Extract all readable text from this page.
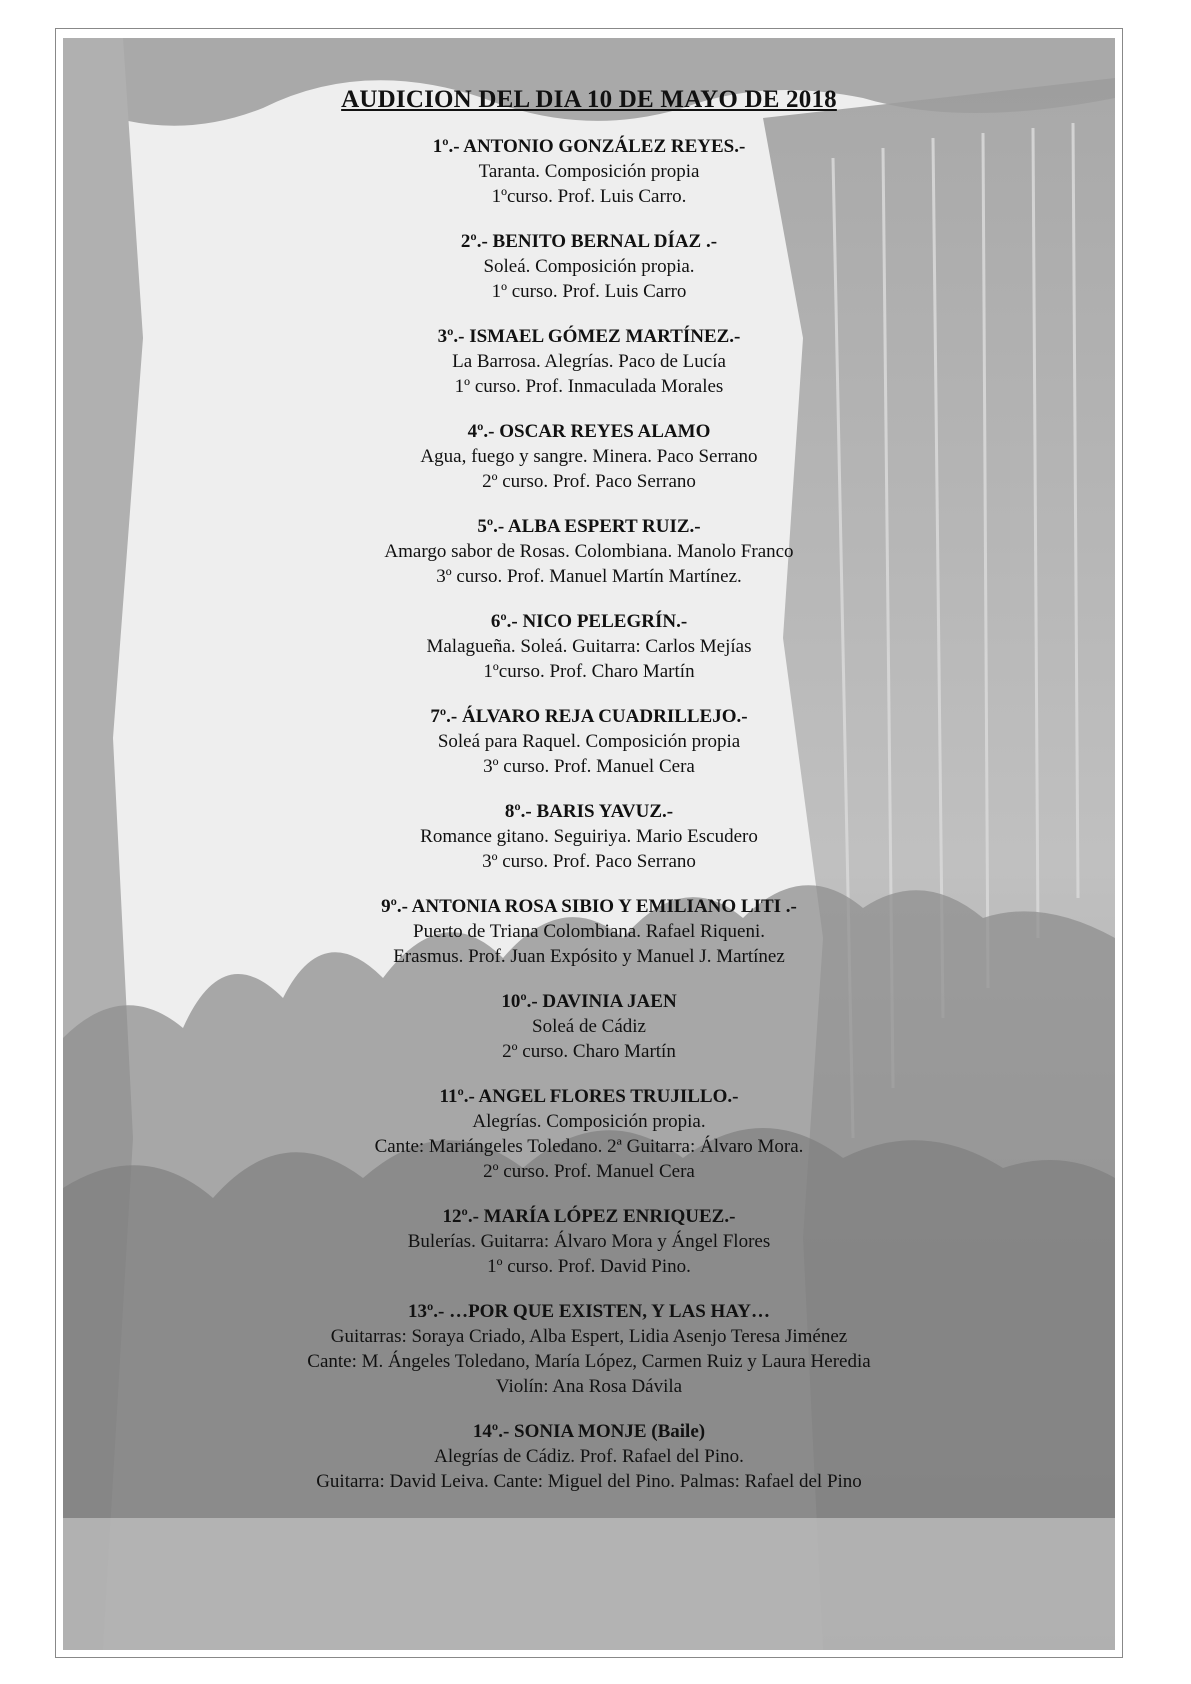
AUDICION DEL DIA 10 DE MAYO DE 2018
1º.- ANTONIO GONZÁLEZ REYES.-
Taranta. Composición propia
1ºcurso. Prof. Luis Carro.
2º.- BENITO BERNAL DÍAZ .-
Soleá. Composición propia.
1º curso. Prof. Luis Carro
3º.- ISMAEL GÓMEZ MARTÍNEZ.-
La Barrosa. Alegrías. Paco de Lucía
1º curso. Prof. Inmaculada Morales
4º.- OSCAR REYES ALAMO
Agua, fuego y sangre. Minera. Paco Serrano
2º curso. Prof. Paco Serrano
5º.- ALBA ESPERT RUIZ.-
Amargo sabor de Rosas. Colombiana. Manolo Franco
3º curso. Prof. Manuel Martín Martínez.
6º.- NICO PELEGRÍN.-
Malagueña. Soleá. Guitarra: Carlos Mejías
1ºcurso. Prof. Charo Martín
7º.- ÁLVARO REJA CUADRILLEJO.-
Soleá para Raquel. Composición propia
3º curso. Prof. Manuel Cera
8º.- BARIS YAVUZ.-
Romance gitano. Seguiriya. Mario Escudero
3º curso. Prof. Paco Serrano
9º.- ANTONIA ROSA SIBIO Y EMILIANO LITI .-
Puerto de Triana Colombiana. Rafael Riqueni.
Erasmus. Prof. Juan Expósito y Manuel J. Martínez
10º.- DAVINIA JAEN
Soleá de Cádiz
2º curso. Charo Martín
11º.- ANGEL FLORES TRUJILLO.-
Alegrías. Composición propia.
Cante: Mariángeles Toledano. 2ª Guitarra: Álvaro Mora.
2º curso. Prof. Manuel Cera
12º.- MARÍA LÓPEZ ENRIQUEZ.-
Bulerías. Guitarra: Álvaro Mora y Ángel Flores
1º curso. Prof. David Pino.
13º.- …POR QUE EXISTEN, Y LAS HAY…
Guitarras: Soraya Criado, Alba Espert, Lidia Asenjo Teresa Jiménez
Cante: M. Ángeles Toledano, María López, Carmen Ruiz y Laura Heredia
Violín: Ana Rosa Dávila
14º.- SONIA MONJE (Baile)
Alegrías de Cádiz. Prof. Rafael del Pino.
Guitarra: David Leiva. Cante: Miguel del Pino. Palmas: Rafael del Pino
